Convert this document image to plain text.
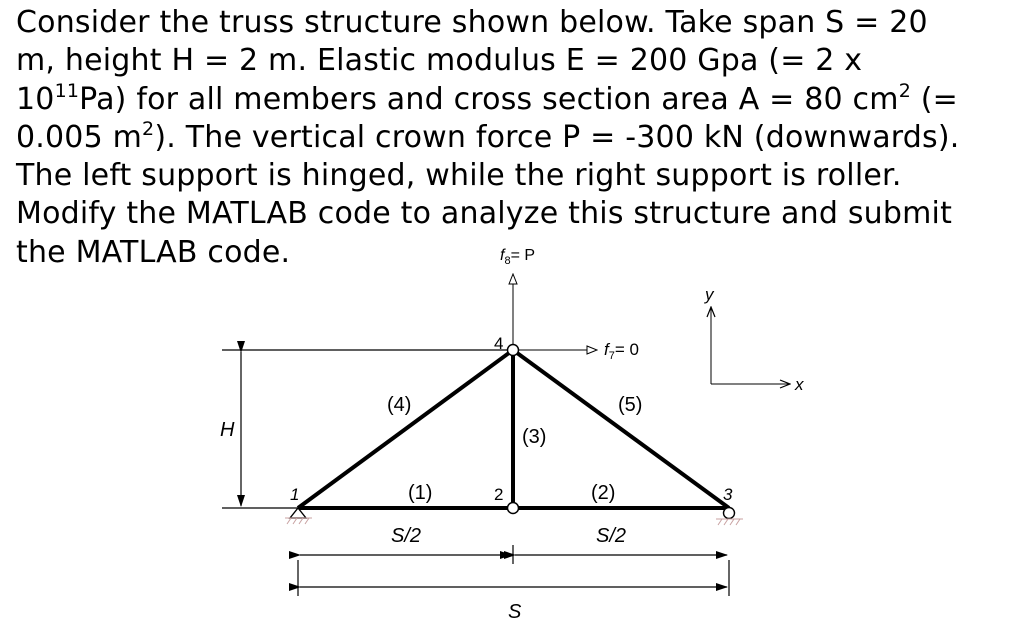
Consider the truss structure shown below. Take span S = 20
m, height H = 2 m. Elastic modulus E = 200 Gpa (= 2 x
$10^{11}Pa$) for all members and cross section area A = 80 $cm^2$ (=
0.005 $m^2$). The vertical crown force P = -300 kN (downwards).
The left support is hinged, while the right support is roller.
Modify the MATLAB code to analyze this structure and submit
the MATLAB code.
H
4
1	2	3
(4)	(5)
(3)
(1)	(2)
$f_8= P$
$f_7= 0$
y
x
S/2	S/2
S
